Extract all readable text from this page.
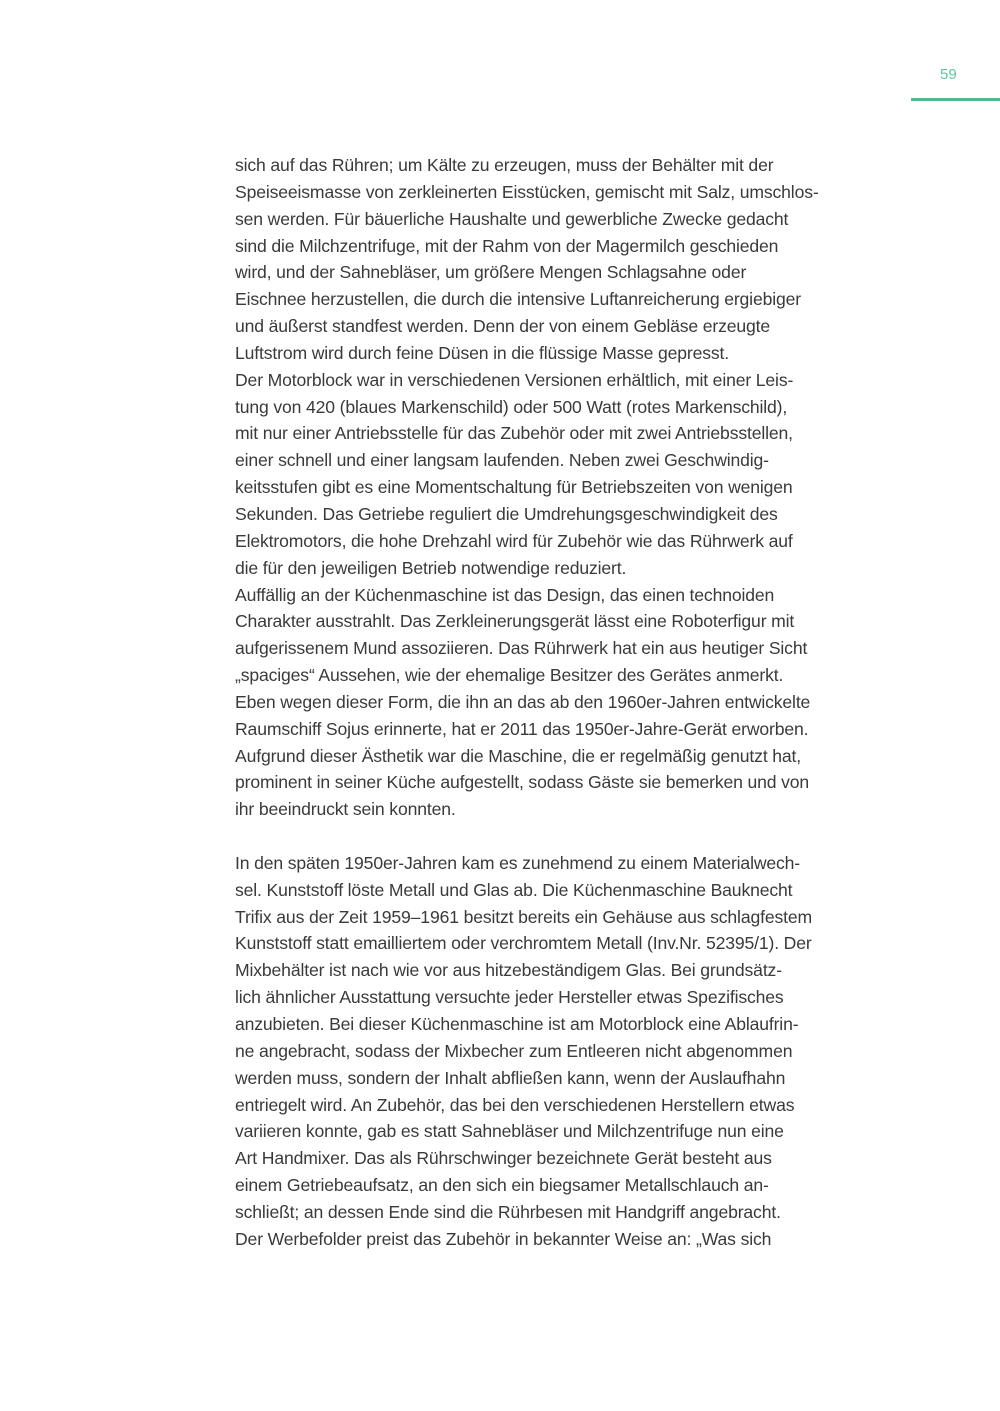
59
sich auf das Rühren; um Kälte zu erzeugen, muss der Behälter mit der
Speiseeismasse von zerkleinerten Eisstücken, gemischt mit Salz, umschlos-
sen werden. Für bäuerliche Haushalte und gewerbliche Zwecke gedacht
sind die Milchzentrifuge, mit der Rahm von der Magermilch geschieden
wird, und der Sahnebläser, um größere Mengen Schlagsahne oder
Eischnee herzustellen, die durch die intensive Luftanreicherung ergiebiger
und äußerst standfest werden. Denn der von einem Gebläse erzeugte
Luftstrom wird durch feine Düsen in die flüssige Masse gepresst.
Der Motorblock war in verschiedenen Versionen erhältlich, mit einer Leis-
tung von 420 (blaues Markenschild) oder 500 Watt (rotes Markenschild),
mit nur einer Antriebsstelle für das Zubehör oder mit zwei Antriebsstellen,
einer schnell und einer langsam laufenden. Neben zwei Geschwindig-
keitsstufen gibt es eine Momentschaltung für Betriebszeiten von wenigen
Sekunden. Das Getriebe reguliert die Umdrehungsgeschwindigkeit des
Elektromotors, die hohe Drehzahl wird für Zubehör wie das Rührwerk auf
die für den jeweiligen Betrieb notwendige reduziert.
Auffällig an der Küchenmaschine ist das Design, das einen technoiden
Charakter ausstrahlt. Das Zerkleinerungsgerät lässt eine Roboterfigur mit
aufgerissenem Mund assoziieren. Das Rührwerk hat ein aus heutiger Sicht
„spaciges“ Aussehen, wie der ehemalige Besitzer des Gerätes anmerkt.
Eben wegen dieser Form, die ihn an das ab den 1960er-Jahren entwickelte
Raumschiff Sojus erinnerte, hat er 2011 das 1950er-Jahre-Gerät erworben.
Aufgrund dieser Ästhetik war die Maschine, die er regelmäßig genutzt hat,
prominent in seiner Küche aufgestellt, sodass Gäste sie bemerken und von
ihr beeindruckt sein konnten.
In den späten 1950er-Jahren kam es zunehmend zu einem Materialwech-
sel. Kunststoff löste Metall und Glas ab. Die Küchenmaschine Bauknecht
Trifix aus der Zeit 1959–1961 besitzt bereits ein Gehäuse aus schlagfestem
Kunststoff statt emailliertem oder verchromtem Metall (Inv.Nr. 52395/1). Der
Mixbehälter ist nach wie vor aus hitzebeständigem Glas. Bei grundsätz-
lich ähnlicher Ausstattung versuchte jeder Hersteller etwas Spezifisches
anzubieten. Bei dieser Küchenmaschine ist am Motorblock eine Ablaufrin-
ne angebracht, sodass der Mixbecher zum Entleeren nicht abgenommen
werden muss, sondern der Inhalt abfließen kann, wenn der Auslaufhahn
entriegelt wird. An Zubehör, das bei den verschiedenen Herstellern etwas
variieren konnte, gab es statt Sahnebläser und Milchzentrifuge nun eine
Art Handmixer. Das als Rührschwinger bezeichnete Gerät besteht aus
einem Getriebeaufsatz, an den sich ein biegsamer Metallschlauch an-
schließt; an dessen Ende sind die Rührbesen mit Handgriff angebracht.
Der Werbefolder preist das Zubehör in bekannter Weise an: „Was sich
